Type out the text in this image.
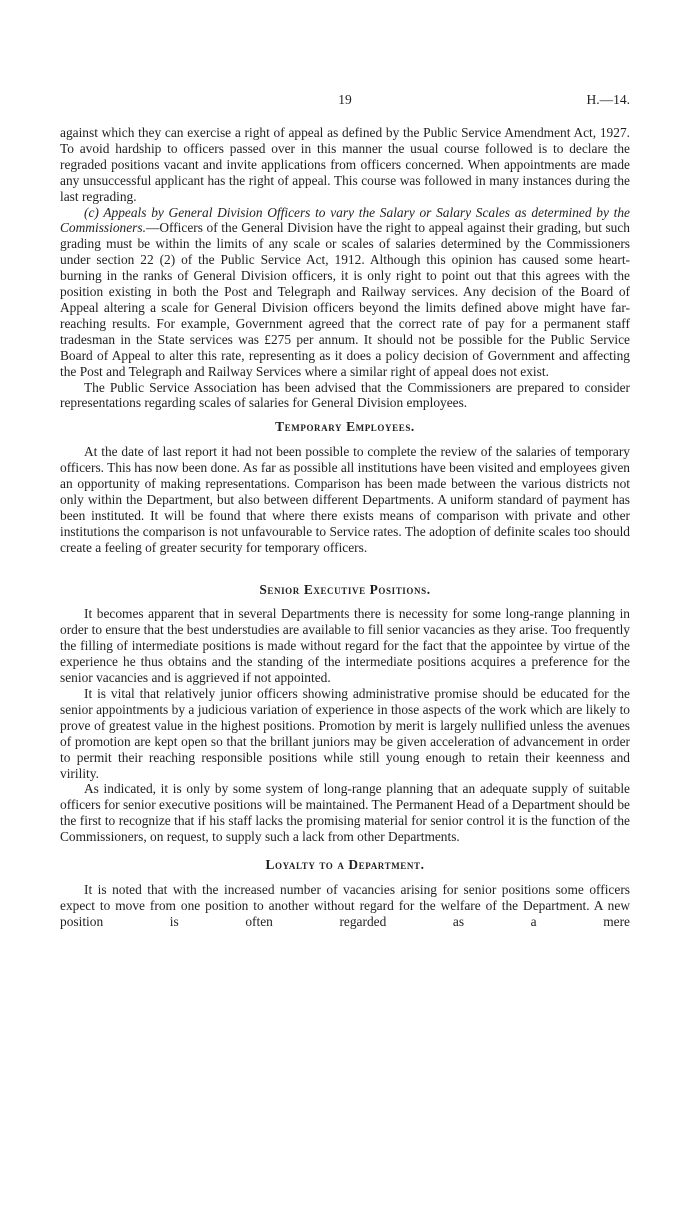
19	H.—14.

against which they can exercise a right of appeal as defined by the Public Service Amendment Act, 1927. To avoid hardship to officers passed over in this manner the usual course followed is to declare the regraded positions vacant and invite applications from officers concerned. When appointments are made any unsuccessful applicant has the right of appeal. This course was followed in many instances during the last regrading.

(c) Appeals by General Division Officers to vary the Salary or Salary Scales as determined by the Commissioners.—Officers of the General Division have the right to appeal against their grading, but such grading must be within the limits of any scale or scales of salaries determined by the Commissioners under section 22 (2) of the Public Service Act, 1912. Although this opinion has caused some heart-burning in the ranks of General Division officers, it is only right to point out that this agrees with the position existing in both the Post and Telegraph and Railway services. Any decision of the Board of Appeal altering a scale for General Division officers beyond the limits defined above might have far-reaching results. For example, Government agreed that the correct rate of pay for a permanent staff tradesman in the State services was £275 per annum. It should not be possible for the Public Service Board of Appeal to alter this rate, representing as it does a policy decision of Government and affecting the Post and Telegraph and Railway Services where a similar right of appeal does not exist.

The Public Service Association has been advised that the Commissioners are prepared to consider representations regarding scales of salaries for General Division employees.

Temporary Employees.

At the date of last report it had not been possible to complete the review of the salaries of temporary officers. This has now been done. As far as possible all institutions have been visited and employees given an opportunity of making representations. Comparison has been made between the various districts not only within the Department, but also between different Departments. A uniform standard of payment has been instituted. It will be found that where there exists means of comparison with private and other institutions the comparison is not unfavourable to Service rates. The adoption of definite scales too should create a feeling of greater security for temporary officers.

Senior Executive Positions.

It becomes apparent that in several Departments there is necessity for some long-range planning in order to ensure that the best understudies are available to fill senior vacancies as they arise. Too frequently the filling of intermediate positions is made without regard for the fact that the appointee by virtue of the experience he thus obtains and the standing of the intermediate positions acquires a preference for the senior vacancies and is aggrieved if not appointed.

It is vital that relatively junior officers showing administrative promise should be educated for the senior appointments by a judicious variation of experience in those aspects of the work which are likely to prove of greatest value in the highest positions. Promotion by merit is largely nullified unless the avenues of promotion are kept open so that the brillant juniors may be given acceleration of advancement in order to permit their reaching responsible positions while still young enough to retain their keenness and virility.

As indicated, it is only by some system of long-range planning that an adequate supply of suitable officers for senior executive positions will be maintained. The Permanent Head of a Department should be the first to recognize that if his staff lacks the promising material for senior control it is the function of the Commissioners, on request, to supply such a lack from other Departments.

Loyalty to a Department.

It is noted that with the increased number of vacancies arising for senior positions some officers expect to move from one position to another without regard for the welfare of the Department. A new position is often regarded as a mere
